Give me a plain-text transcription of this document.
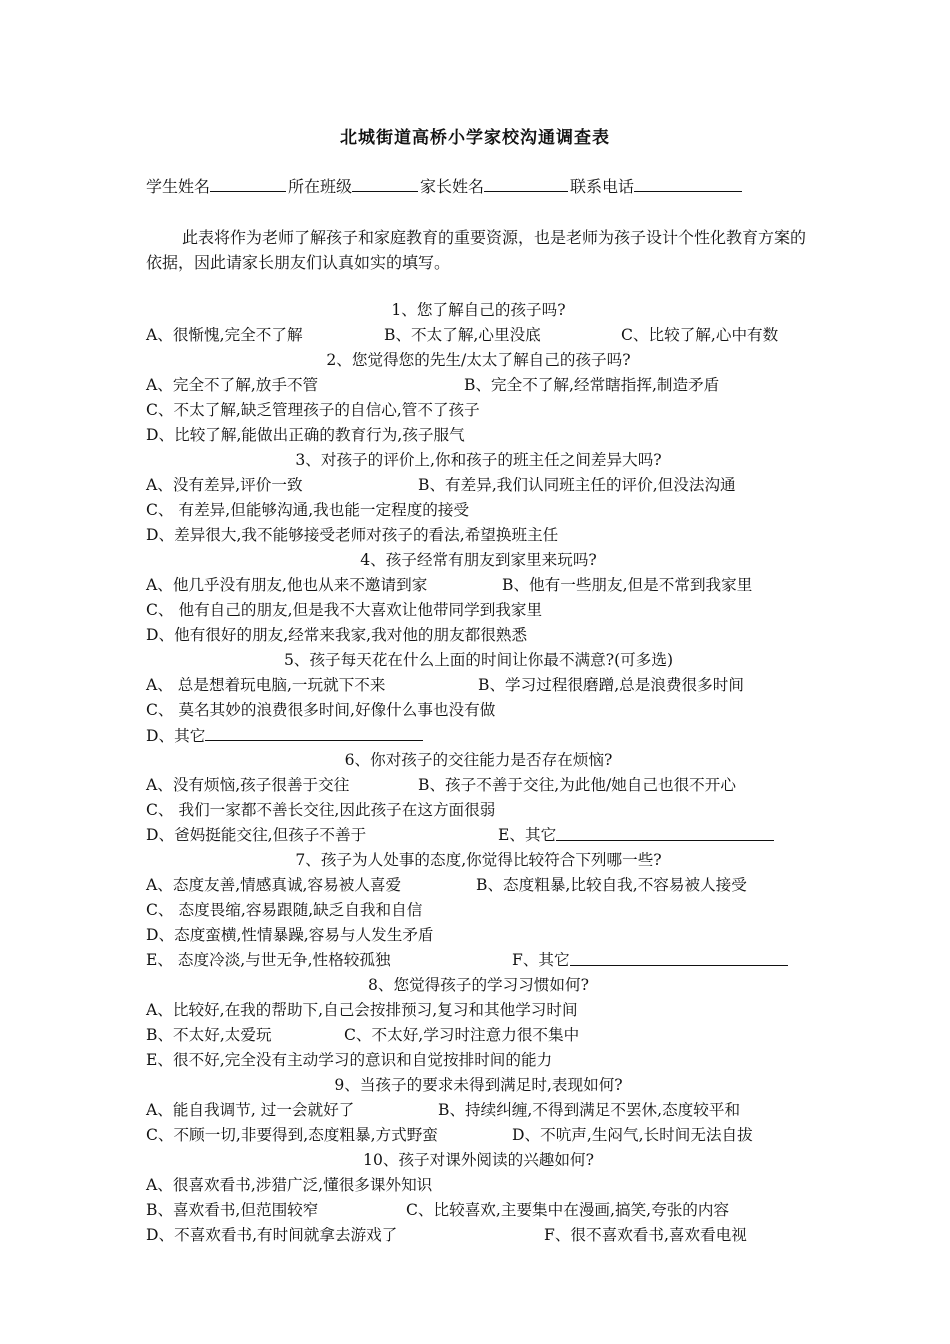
北城街道高桥小学家校沟通调查表
学生姓名	所在班级	家长姓名	联系电话
此表将作为老师了解孩子和家庭教育的重要资源，也是老师为孩子设计个性化教育方案的依据，因此请家长朋友们认真如实的填写。
1、您了解自己的孩子吗?
A、很惭愧,完全不了解	B、不太了解,心里没底	C、比较了解,心中有数
2、您觉得您的先生/太太了解自己的孩子吗?
A、完全不了解,放手不管	B、完全不了解,经常瞎指挥,制造矛盾
C、不太了解,缺乏管理孩子的自信心,管不了孩子
D、比较了解,能做出正确的教育行为,孩子服气
3、对孩子的评价上,你和孩子的班主任之间差异大吗?
A、没有差异,评价一致	B、有差异,我们认同班主任的评价,但没法沟通
C、 有差异,但能够沟通,我也能一定程度的接受
D、差异很大,我不能够接受老师对孩子的看法,希望换班主任
4、孩子经常有朋友到家里来玩吗?
A、他几乎没有朋友,他也从来不邀请到家	B、他有一些朋友,但是不常到我家里
C、 他有自己的朋友,但是我不大喜欢让他带同学到我家里
D、他有很好的朋友,经常来我家,我对他的朋友都很熟悉
5、孩子每天花在什么上面的时间让你最不满意?(可多选)
A、 总是想着玩电脑,一玩就下不来	B、学习过程很磨蹭,总是浪费很多时间
C、 莫名其妙的浪费很多时间,好像什么事也没有做
D、其它
6、你对孩子的交往能力是否存在烦恼?
A、没有烦恼,孩子很善于交往	B、孩子不善于交往,为此他/她自己也很不开心
C、 我们一家都不善长交往,因此孩子在这方面很弱
D、爸妈挺能交往,但孩子不善于	E、其它
7、孩子为人处事的态度,你觉得比较符合下列哪一些?
A、态度友善,情感真诚,容易被人喜爱	B、态度粗暴,比较自我,不容易被人接受
C、 态度畏缩,容易跟随,缺乏自我和自信
D、态度蛮横,性情暴躁,容易与人发生矛盾
E、 态度冷淡,与世无争,性格较孤独	F、其它
8、您觉得孩子的学习习惯如何?
A、比较好,在我的帮助下,自己会按排预习,复习和其他学习时间
B、不太好,太爱玩	C、不太好,学习时注意力很不集中
E、很不好,完全没有主动学习的意识和自觉按排时间的能力
9、当孩子的要求未得到满足时,表现如何?
A、能自我调节, 过一会就好了	B、持续纠缠,不得到满足不罢休,态度较平和
C、不顾一切,非要得到,态度粗暴,方式野蛮	D、不吭声,生闷气,长时间无法自拔
10、孩子对课外阅读的兴趣如何?
A、很喜欢看书,涉猎广泛,懂很多课外知识
B、喜欢看书,但范围较窄	C、比较喜欢,主要集中在漫画,搞笑,夸张的内容
D、不喜欢看书,有时间就拿去游戏了	F、很不喜欢看书,喜欢看电视
